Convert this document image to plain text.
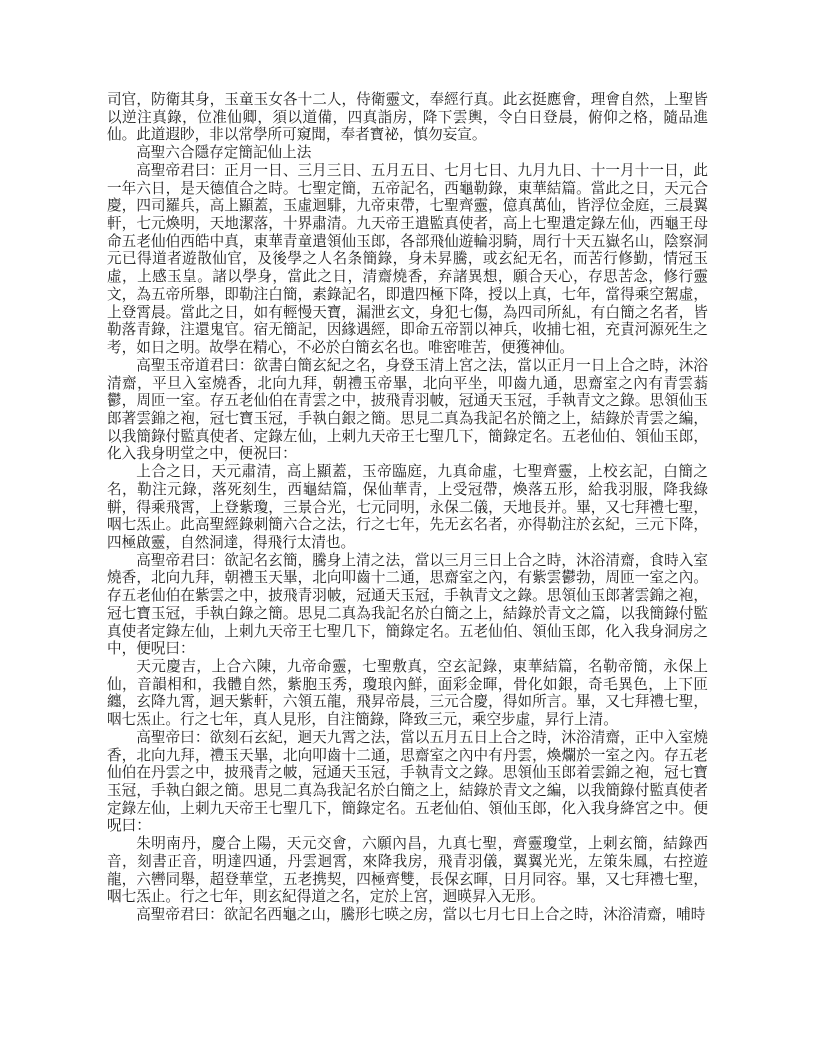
司官，防衛其身，玉童玉女各十二人，侍衛靈文，奉經行真。此玄挺應會，理會自然，上聖皆以逆注真錄，位准仙卿，須以道備，四真詣房，降下雲輿，令白日登晨，俯仰之格，隨品進仙。此道遐眇，非以常學所可窺聞，奉者寶祕，慎勿妄宣。

高聖六合隱存定簡記仙上法

高聖帝君曰：正月一日、三月三日、五月五日、七月七日、九月九日、十一月十一日，此一年六日，是天德值合之時。七聖定簡，五帝記名，西龜勒錄，東華結篇。當此之日，天元合慶，四司羅兵，高上顯蓋，玉虛迴騑，九帝束帶，七聖齊靈，億真萬仙，皆浮位金庭，三晨翼軒，七元煥明，天地潔落，十界肅清。九天帝王遣監真使者，高上七聖遣定錄左仙，西龜王母命五老仙伯西皓中真，東華青童遣領仙玉郎，各部飛仙遊輪羽騎，周行十天五嶽名山，陰察洞元已得道者遊散仙官，及後學之人名条簡錄，身未昇騰，或玄紀无名，而苦行修勤，情冠玉虛，上感玉皇。諸以學身，當此之日，清齋燒香，弃諸異想，願合天心，存思苦念，修行靈文，為五帝所舉，即勒注白簡，素錄記名，即遣四極下降，授以上真，七年，當得乘空駕虛，上登霄晨。當此之日，如有輕慢天寶，漏泄玄文，身犯七傷，為四司所糺，有白簡之名者，皆勒落青錄，注還鬼官。宿无簡記，因緣遇經，即命五帝罰以神兵，收捕七祖，充責河源死生之考，如日之明。故學在精心，不必於白簡玄名也。唯密唯苦，便獲神仙。

高聖玉帝道君曰：欲書白簡玄紀之名，身登玉清上宮之法，當以正月一日上合之時，沐浴清齋，平旦入室燒香，北向九拜，朝禮玉帝畢，北向平坐，叩齒九通，思齋室之內有青雲蓊鬱，周匝一室。存五老仙伯在青雲之中，披飛青羽帔，冠通天玉冠，手執青文之錄。思領仙玉郎著雲錦之袍，冠七寶玉冠，手執白銀之簡。思見二真為我記名於簡之上，結錄於青雲之編，以我簡錄付監真使者、定錄左仙，上刺九天帝王七聖几下，簡錄定名。五老仙伯、領仙玉郎，化入我身明堂之中，便祝曰：

上合之日，天元肅清，高上顯蓋，玉帝臨庭，九真命虛，七聖齊靈，上校玄記，白簡之名，勒注元錄，落死刻生，西龜結篇，保仙華青，上受冠帶，煥落五形，給我羽服，降我綠軿，得乘飛霄，上登紫瓊，三景合光，七元同明，永保二儀，天地長并。畢，又七拜禮七聖，咽七炁止。此高聖經錄刺簡六合之法，行之七年，先无玄名者，亦得勒注於玄紀，三元下降，四極啟靈，自然洞達，得飛行太清也。

高聖帝君曰：欲記名玄簡，騰身上清之法，當以三月三日上合之時，沐浴清齋，食時入室燒香，北向九拜，朝禮玉天畢，北向叩齒十二通，思齋室之內，有紫雲鬱勃，周匝一室之內。存五老仙伯在紫雲之中，披飛青羽帔，冠通天玉冠，手執青文之錄。思領仙玉郎著雲錦之袍，冠七寶玉冠，手執白錄之簡。思見二真為我記名於白簡之上，結錄於青文之篇，以我簡錄付監真使者定錄左仙，上刺九天帝王七聖几下，簡錄定名。五老仙伯、領仙玉郎，化入我身洞房之中，便呪曰：

天元慶吉，上合六陳，九帝命靈，七聖敷真，空玄記錄，東華結篇，名勒帝簡，永保上仙，音韻相和，我體自然，紫胞玉秀，瓊琅內鮮，面彩金暉，骨化如銀，奇毛異色，上下匝纏，玄降九霄，迴天紫軒，六領五龍，飛昇帝晨，三元合慶，得如所言。畢，又七拜禮七聖，咽七炁止。行之七年，真人見形，自注簡錄，降致三元，乘空步虛，昇行上清。

高聖帝曰：欲刻石玄紀，迴天九霄之法，當以五月五日上合之時，沐浴清齋，正中入室燒香，北向九拜，禮玉天畢，北向叩齒十二通，思齋室之內中有丹雲，煥爛於一室之內。存五老仙伯在丹雲之中，披飛青之帔，冠通天玉冠，手執青文之錄。思領仙玉郎着雲錦之袍，冠七寶玉冠，手執白銀之簡。思見二真為我記名於白簡之上，結錄於青文之編，以我簡錄付監真使者定錄左仙，上刺九天帝王七聖几下，簡錄定名。五老仙伯、領仙玉郎，化入我身絳宮之中。便呪曰：

朱明南丹，慶合上陽，天元交會，六願內昌，九真七聖，齊靈瓊堂，上刺玄簡，結錄西音，刻書正音，明達四通，丹雲迴霄，來降我房，飛青羽儀，翼翼光光，左策朱鳳，右控遊龍，六轡同舉，超登華堂，五老携契，四極齊雙，長保玄暉，日月同容。畢，又七拜禮七聖，咽七炁止。行之七年，則玄紀得道之名，定於上宮，迴暎昇入无形。

高聖帝君曰：欲記名西龜之山，騰形七暎之房，當以七月七日上合之時，沐浴清齋，哺時
